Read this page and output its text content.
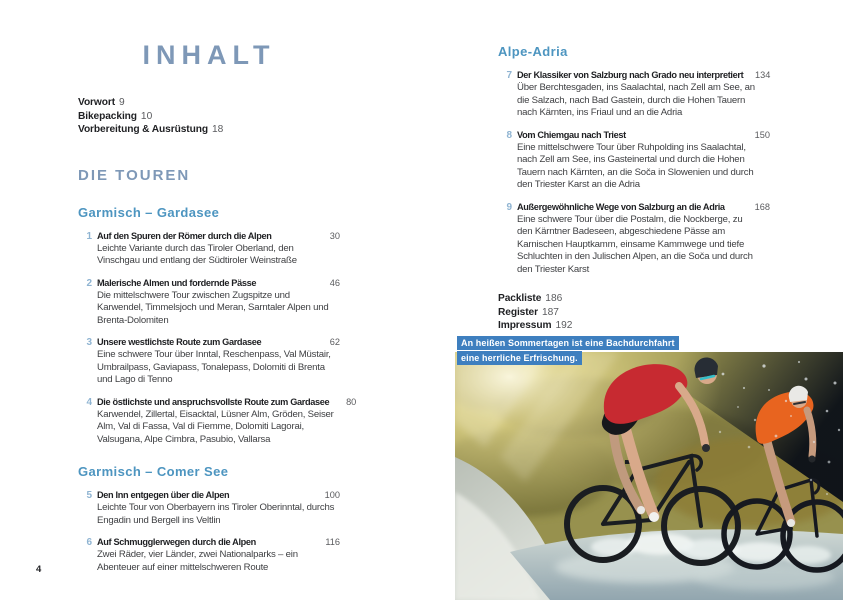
INHALT
Vorwort 9
Bikepacking 10
Vorbereitung & Ausrüstung 18
DIE TOUREN
Garmisch – Gardasee
1 Auf den Spuren der Römer durch die Alpen	30
Leichte Variante durch das Tiroler Oberland, den Vinschgau und entlang der Südtiroler Weinstraße
2 Malerische Almen und fordernde Pässe	46
Die mittelschwere Tour zwischen Zugspitze und Karwendel, Timmelsjoch und Meran, Sarntaler Alpen und Brenta-Dolomiten
3 Unsere westlichste Route zum Gardasee	62
Eine schwere Tour über Inntal, Reschenpass, Val Müstair, Umbrailpass, Gaviapass, Tonalepass, Dolomiti di Brenta und Lago di Tenno
4 Die östlichste und anspruchsvollste Route zum Gardasee	80
Karwendel, Zillertal, Eisacktal, Lüsner Alm, Gröden, Seiser Alm, Val di Fassa, Val di Fiemme, Dolomiti Lagorai, Valsugana, Alpe Cimbra, Pasubio, Vallarsa
Garmisch – Comer See
5 Den Inn entgegen über die Alpen	100
Leichte Tour von Oberbayern ins Tiroler Oberinntal, durchs Engadin und Bergell ins Veltlin
6 Auf Schmugglerwegen durch die Alpen	116
Zwei Räder, vier Länder, zwei Nationalparks – ein Abenteuer auf einer mittelschweren Route
Alpe-Adria
7 Der Klassiker von Salzburg nach Grado neu interpretiert	134
Über Berchtesgaden, ins Saalachtal, nach Zell am See, an die Salzach, nach Bad Gastein, durch die Hohen Tauern nach Kärnten, ins Friaul und an die Adria
8 Vom Chiemgau nach Triest	150
Eine mittelschwere Tour über Ruhpolding ins Saalachtal, nach Zell am See, ins Gasteinertal und durch die Hohen Tauern nach Kärnten, an die Soča in Slowenien und durch den Triester Karst an die Adria
9 Außergewöhnliche Wege von Salzburg an die Adria	168
Eine schwere Tour über die Postalm, die Nockberge, zu den Kärntner Badeseen, abgeschiedene Pässe am Karnischen Hauptkamm, einsame Kammwege und tiefe Schluchten in den Julischen Alpen, an die Soča und durch den Triester Karst
Packliste 186
Register 187
Impressum 192
An heißen Sommertagen ist eine Bachdurchfahrt
eine herrliche Erfrischung.
4
